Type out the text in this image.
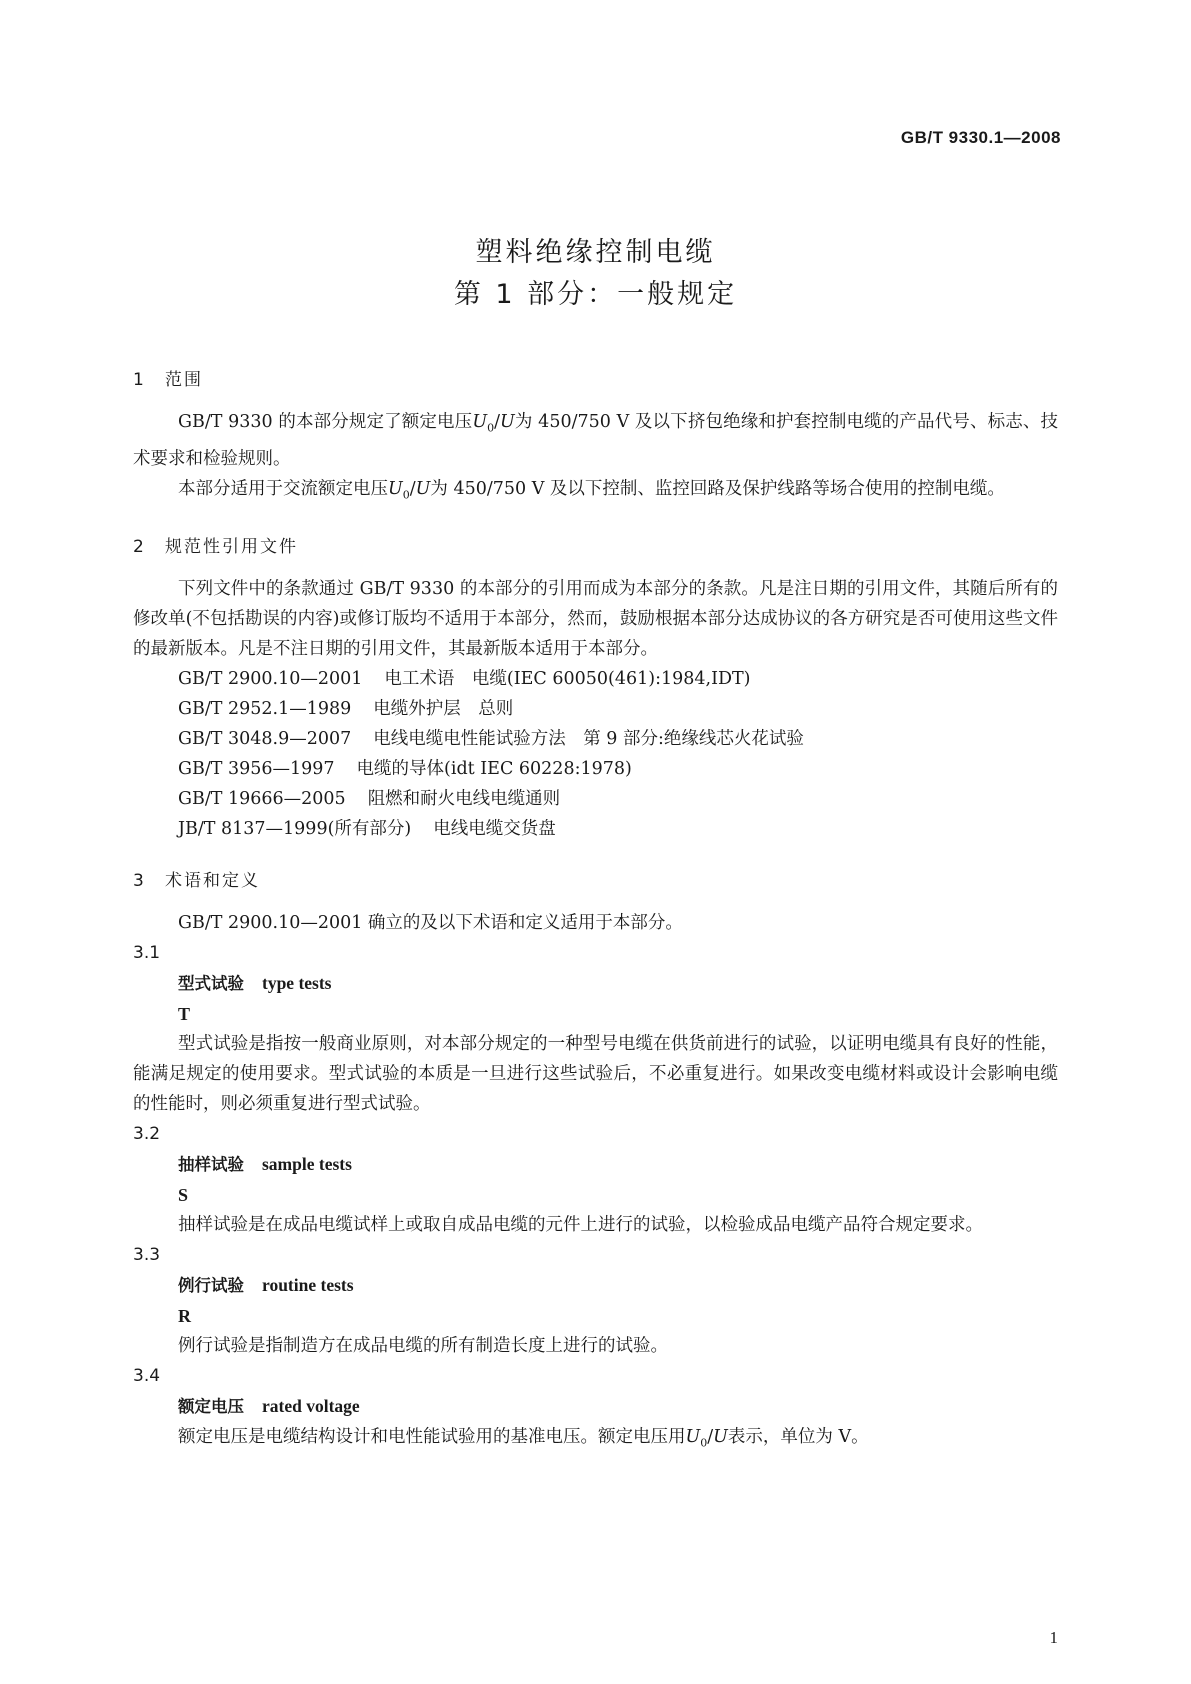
GB/T 9330.1—2008
塑料绝缘控制电缆
第 1 部分：一般规定
1	范围

GB/T 9330 的本部分规定了额定电压$U_0/U$为 450/750 V 及以下挤包绝缘和护套控制电缆的产品代号、标志、技术要求和检验规则。

本部分适用于交流额定电压$U_0/U$为 450/750 V 及以下控制、监控回路及保护线路等场合使用的控制电缆。

2	规范性引用文件

下列文件中的条款通过 GB/T 9330 的本部分的引用而成为本部分的条款。凡是注日期的引用文件，其随后所有的修改单(不包括勘误的内容)或修订版均不适用于本部分，然而，鼓励根据本部分达成协议的各方研究是否可使用这些文件的最新版本。凡是不注日期的引用文件，其最新版本适用于本部分。

GB/T 2900.10—2001 电工术语　电缆(IEC 60050(461):1984,IDT)
GB/T 2952.1—1989 电缆外护层　总则
GB/T 3048.9—2007 电线电缆电性能试验方法　第 9 部分:绝缘线芯火花试验
GB/T 3956—1997 电缆的导体(idt IEC 60228:1978)
GB/T 19666—2005 阻燃和耐火电线电缆通则
JB/T 8137—1999(所有部分) 电线电缆交货盘
3	术语和定义

GB/T 2900.10—2001 确立的及以下术语和定义适用于本部分。

3.1
型式试验 type tests
T

型式试验是指按一般商业原则，对本部分规定的一种型号电缆在供货前进行的试验，以证明电缆具有良好的性能，能满足规定的使用要求。型式试验的本质是一旦进行这些试验后，不必重复进行。如果改变电缆材料或设计会影响电缆的性能时，则必须重复进行型式试验。

3.2
抽样试验 sample tests
S

抽样试验是在成品电缆试样上或取自成品电缆的元件上进行的试验，以检验成品电缆产品符合规定要求。

3.3
例行试验 routine tests
R

例行试验是指制造方在成品电缆的所有制造长度上进行的试验。

3.4
额定电压 rated voltage

额定电压是电缆结构设计和电性能试验用的基准电压。额定电压用$U_0/U$表示，单位为 V。

1
